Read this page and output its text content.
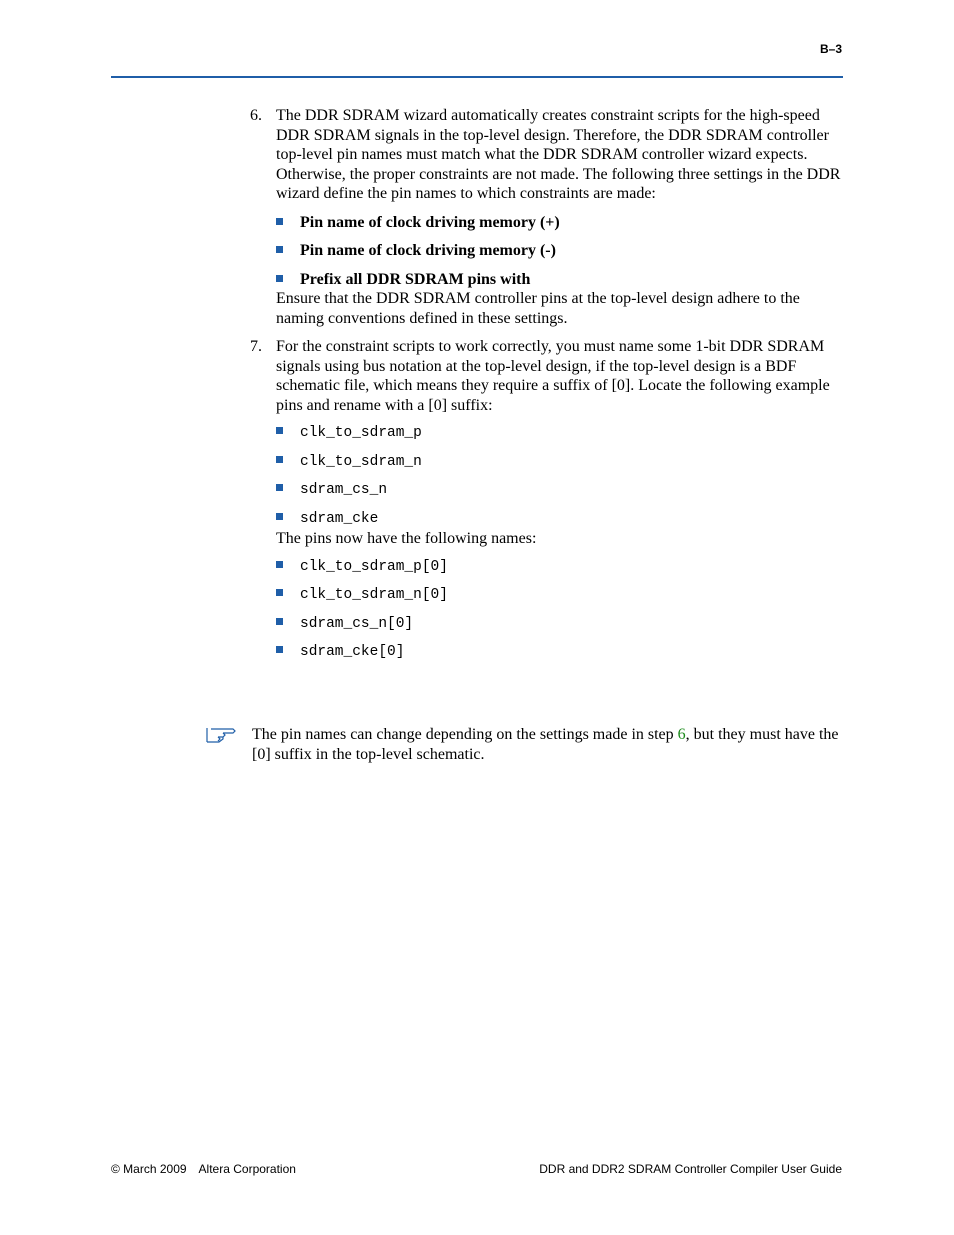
B–3
6. The DDR SDRAM wizard automatically creates constraint scripts for the high-speed DDR SDRAM signals in the top-level design. Therefore, the DDR SDRAM controller top-level pin names must match what the DDR SDRAM controller wizard expects. Otherwise, the proper constraints are not made. The following three settings in the DDR wizard define the pin names to which constraints are made:

Pin name of clock driving memory (+)
Pin name of clock driving memory (-)
Prefix all DDR SDRAM pins with

Ensure that the DDR SDRAM controller pins at the top-level design adhere to the naming conventions defined in these settings.

7. For the constraint scripts to work correctly, you must name some 1-bit DDR SDRAM signals using bus notation at the top-level design, if the top-level design is a BDF schematic file, which means they require a suffix of [0]. Locate the following example pins and rename with a [0] suffix:

clk_to_sdram_p
clk_to_sdram_n
sdram_cs_n
sdram_cke

The pins now have the following names:

clk_to_sdram_p[0]
clk_to_sdram_n[0]
sdram_cs_n[0]
sdram_cke[0]
The pin names can change depending on the settings made in step 6, but they must have the [0] suffix in the top-level schematic.
© March 2009 Altera Corporation	DDR and DDR2 SDRAM Controller Compiler User Guide
